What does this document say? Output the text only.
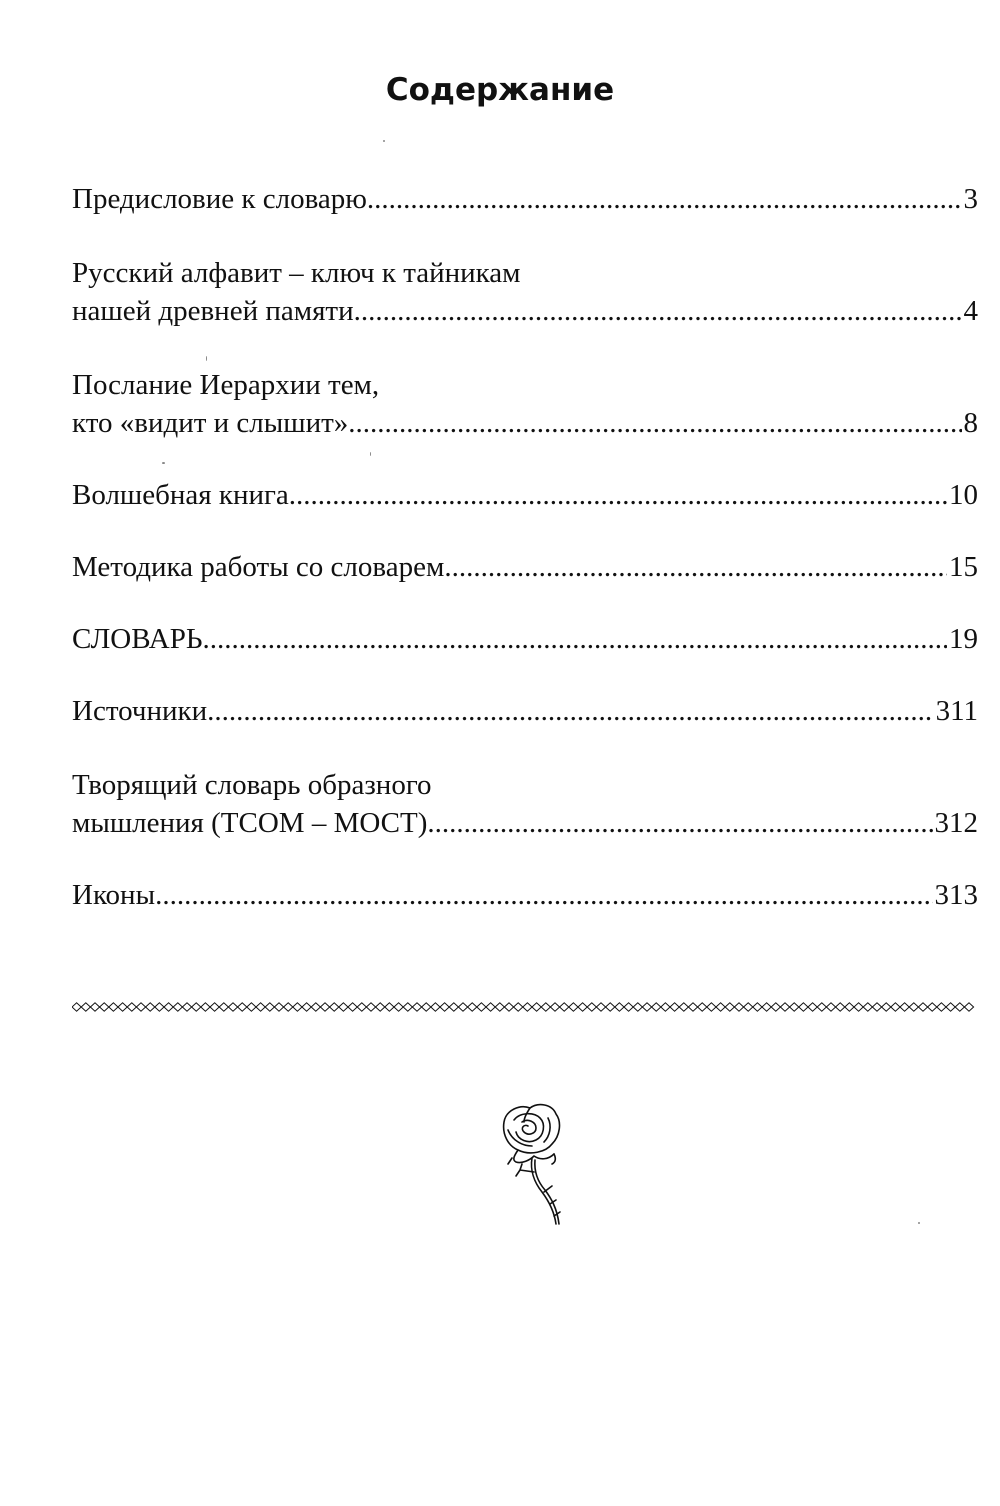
Содержание
Предисловие к словарю .....	3
Русский алфавит – ключ к тайникам
нашей древней памяти .....	4
Послание Иерархии тем,
кто «видит и слышит» .....	8
Волшебная книга .....	10
Методика работы со словарем .....	15
СЛОВАРЬ .....	19
Источники .....	311
Творящий словарь образного
мышления (ТСОМ – МОСТ) .....	312
Иконы .....	313
